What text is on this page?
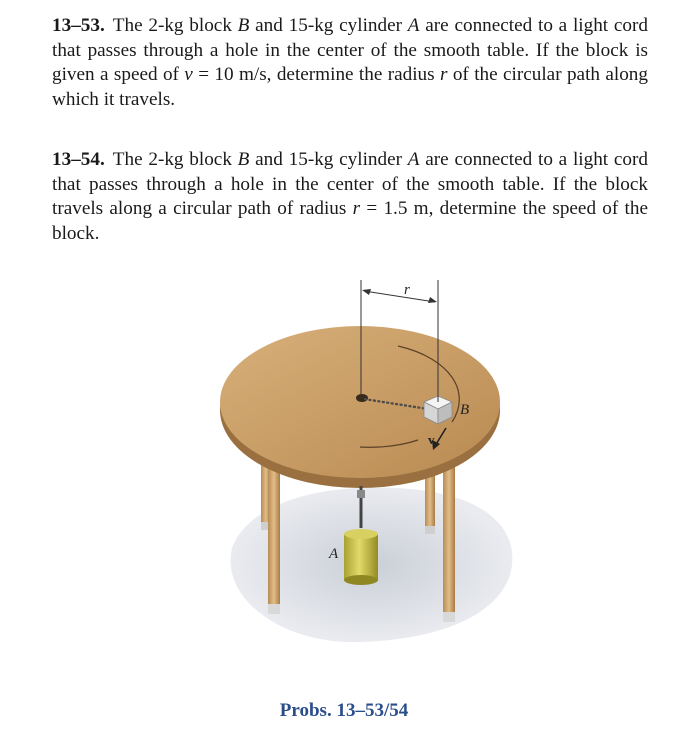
13–53. The 2-kg block B and 15-kg cylinder A are connected to a light cord that passes through a hole in the center of the smooth table. If the block is given a speed of v = 10 m/s, determine the radius r of the circular path along which it travels.
13–54. The 2-kg block B and 15-kg cylinder A are connected to a light cord that passes through a hole in the center of the smooth table. If the block travels along a circular path of radius r = 1.5 m, determine the speed of the block.
r
B
v
A
Probs. 13–53/54
